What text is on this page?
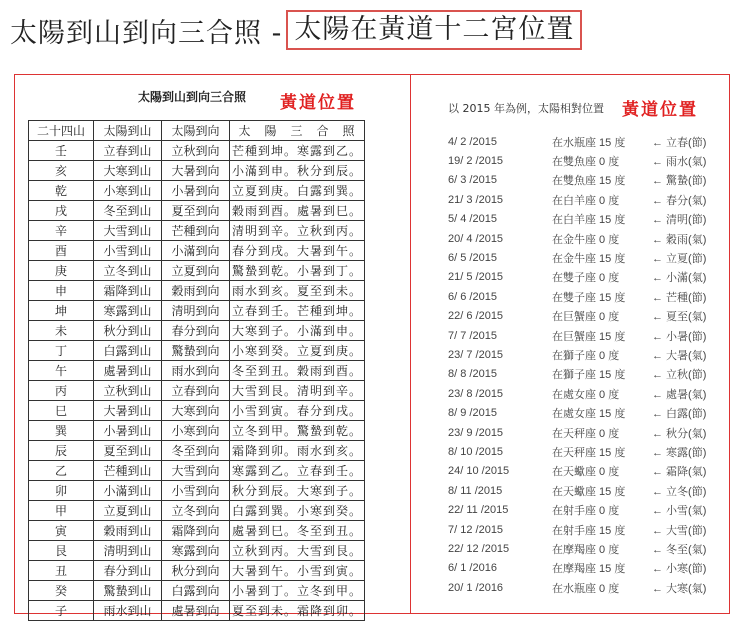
太陽到山到向三合照 - 太陽在黃道十二宮位置
太陽到山到向三合照 黃道位置
二十四山	太陽到山	太陽到向	太　陽　三　合　照
壬	立春到山	立秋到向	芒種到坤。寒露到乙。
亥	大寒到山	大暑到向	小滿到申。秋分到辰。
乾	小寒到山	小暑到向	立夏到庚。白露到巽。
戌	冬至到山	夏至到向	穀雨到酉。處暑到巳。
辛	大雪到山	芒種到向	清明到辛。立秋到丙。
酉	小雪到山	小滿到向	春分到戌。大暑到午。
庚	立冬到山	立夏到向	驚蟄到乾。小暑到丁。
申	霜降到山	穀雨到向	雨水到亥。夏至到未。
坤	寒露到山	清明到向	立春到壬。芒種到坤。
未	秋分到山	春分到向	大寒到子。小滿到申。
丁	白露到山	驚蟄到向	小寒到癸。立夏到庚。
午	處暑到山	雨水到向	冬至到丑。穀雨到酉。
丙	立秋到山	立春到向	大雪到艮。清明到辛。
巳	大暑到山	大寒到向	小雪到寅。春分到戌。
巽	小暑到山	小寒到向	立冬到甲。驚蟄到乾。
辰	夏至到山	冬至到向	霜降到卯。雨水到亥。
乙	芒種到山	大雪到向	寒露到乙。立春到壬。
卯	小滿到山	小雪到向	秋分到辰。大寒到子。
甲	立夏到山	立冬到向	白露到巽。小寒到癸。
寅	穀雨到山	霜降到向	處暑到巳。冬至到丑。
艮	清明到山	寒露到向	立秋到丙。大雪到艮。
丑	春分到山	秋分到向	大暑到午。小雪到寅。
癸	驚蟄到山	白露到向	小暑到丁。立冬到甲。
子	雨水到山	處暑到向	夏至到未。霜降到卯。
以 2015 年為例，太陽相對位置 黃道位置
4/ 2 /2015	在水瓶座 15 度	← 立春(節)
19/ 2 /2015	在雙魚座 0 度	← 雨水(氣)
6/ 3 /2015	在雙魚座 15 度	← 驚蟄(節)
21/ 3 /2015	在白羊座 0 度	← 春分(氣)
5/ 4 /2015	在白羊座 15 度	← 清明(節)
20/ 4 /2015	在金牛座 0 度	← 穀雨(氣)
6/ 5 /2015	在金牛座 15 度	← 立夏(節)
21/ 5 /2015	在雙子座 0 度	← 小滿(氣)
6/ 6 /2015	在雙子座 15 度	← 芒種(節)
22/ 6 /2015	在巨蟹座 0 度	← 夏至(氣)
7/ 7 /2015	在巨蟹座 15 度	← 小暑(節)
23/ 7 /2015	在獅子座 0 度	← 大暑(氣)
8/ 8 /2015	在獅子座 15 度	← 立秋(節)
23/ 8 /2015	在處女座 0 度	← 處暑(氣)
8/ 9 /2015	在處女座 15 度	← 白露(節)
23/ 9 /2015	在天秤座 0 度	← 秋分(氣)
8/ 10 /2015	在天秤座 15 度	← 寒露(節)
24/ 10 /2015	在天蠍座 0 度	← 霜降(氣)
8/ 11 /2015	在天蠍座 15 度	← 立冬(節)
22/ 11 /2015	在射手座 0 度	← 小雪(氣)
7/ 12 /2015	在射手座 15 度	← 大雪(節)
22/ 12 /2015	在摩羯座 0 度	← 冬至(氣)
6/ 1 /2016	在摩羯座 15 度	← 小寒(節)
20/ 1 /2016	在水瓶座 0 度	← 大寒(氣)
